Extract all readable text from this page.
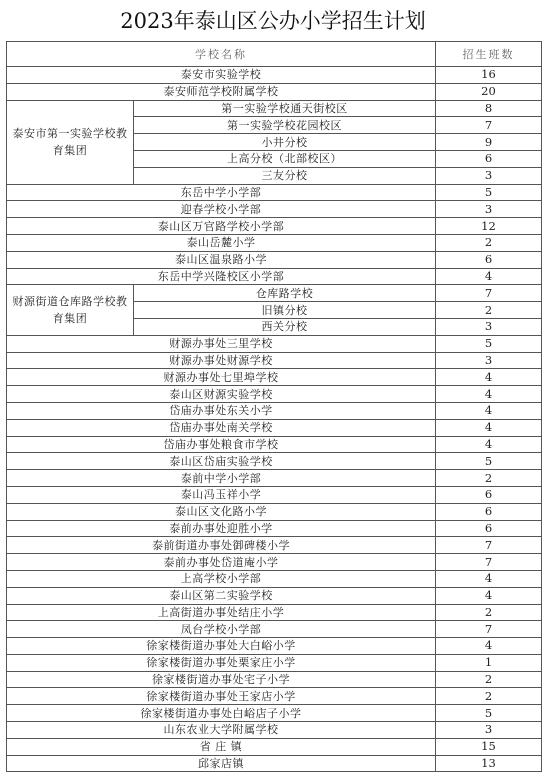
2023年泰山区公办小学招生计划
学校名称		招生班数
泰安市实验学校		16
泰安师范学校附属学校		20
泰安市第一实验学校教育集团	第一实验学校通天街校区	8
	第一实验学校花园校区	7
	小井分校	9
	上高分校（北部校区）	6
	三友分校	3
东岳中学小学部		5
迎春学校小学部		3
泰山区万官路学校小学部		12
泰山岳麓小学		2
泰山区温泉路小学		6
东岳中学兴隆校区小学部		4
财源街道仓库路学校教育集团	仓库路学校	7
	旧镇分校	2
	西关分校	3
财源办事处三里学校		5
财源办事处财源学校		3
财源办事处七里埠学校		4
泰山区财源实验学校		4
岱庙办事处东关小学		4
岱庙办事处南关学校		4
岱庙办事处粮食市学校		4
泰山区岱庙实验学校		5
泰前中学小学部		2
泰山冯玉祥小学		6
泰山区文化路小学		6
泰前办事处迎胜小学		6
泰前街道办事处御碑楼小学		7
泰前办事处岱道庵小学		7
上高学校小学部		4
泰山区第二实验学校		4
上高街道办事处结庄小学		2
凤台学校小学部		7
徐家楼街道办事处大白峪小学		4
徐家楼街道办事处栗家庄小学		1
徐家楼街道办事处宅子小学		2
徐家楼街道办事处王家店小学		2
徐家楼街道办事处白峪店子小学		5
山东农业大学附属学校		3
省 庄 镇		15
邱家店镇		13
